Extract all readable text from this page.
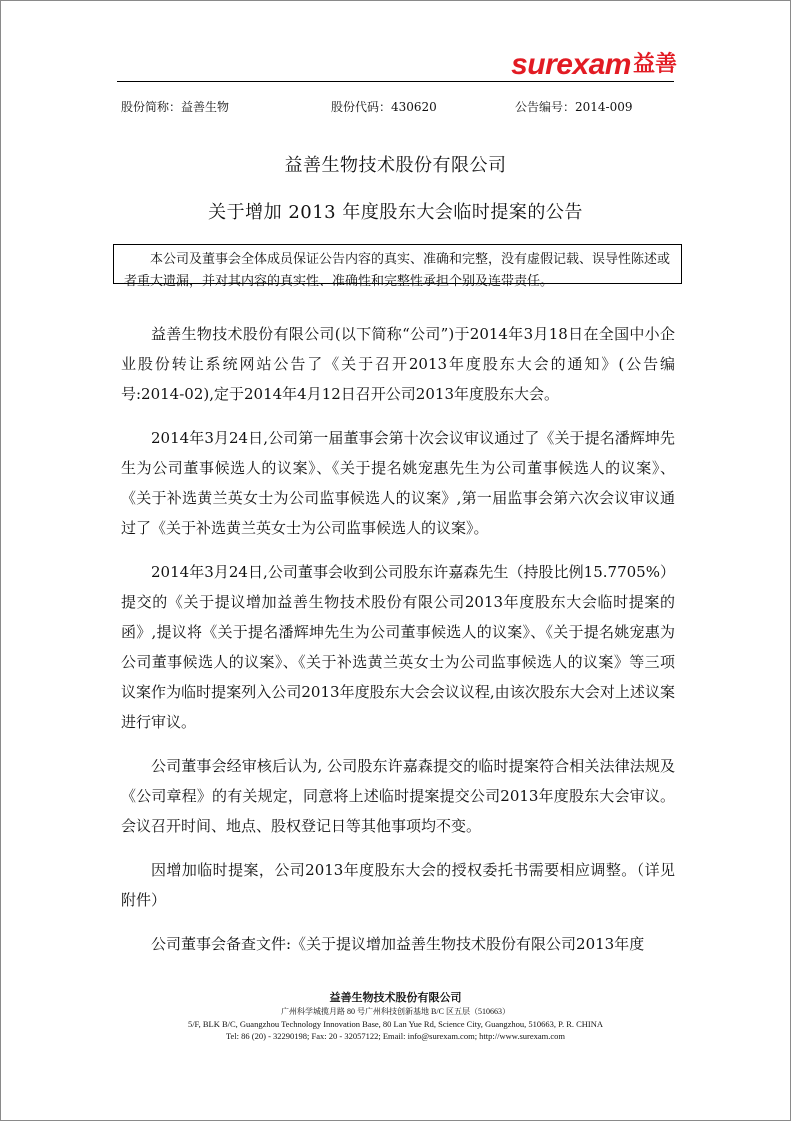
surexam 益善
股份简称：益善生物	股份代码：430620	公告编号：2014-009
益善生物技术股份有限公司
关于增加 2013 年度股东大会临时提案的公告
本公司及董事会全体成员保证公告内容的真实、准确和完整，没有虚假记载、误导性陈述或者重大遗漏，并对其内容的真实性、准确性和完整性承担个别及连带责任。

益善生物技术股份有限公司(以下简称“公司”)于2014年3月18日在全国中小企业股份转让系统网站公告了《关于召开2013年度股东大会的通知》(公告编号:2014-02),定于2014年4月12日召开公司2013年度股东大会。

2014年3月24日,公司第一届董事会第十次会议审议通过了《关于提名潘辉坤先生为公司董事候选人的议案》、《关于提名姚宠惠先生为公司董事候选人的议案》、《关于补选黄兰英女士为公司监事候选人的议案》,第一届监事会第六次会议审议通过了《关于补选黄兰英女士为公司监事候选人的议案》。

2014年3月24日,公司董事会收到公司股东许嘉森先生（持股比例15.7705%）提交的《关于提议增加益善生物技术股份有限公司2013年度股东大会临时提案的函》,提议将《关于提名潘辉坤先生为公司董事候选人的议案》、《关于提名姚宠惠为公司董事候选人的议案》、《关于补选黄兰英女士为公司监事候选人的议案》等三项议案作为临时提案列入公司2013年度股东大会会议议程,由该次股东大会对上述议案进行审议。

公司董事会经审核后认为, 公司股东许嘉森提交的临时提案符合相关法律法规及《公司章程》的有关规定，同意将上述临时提案提交公司2013年度股东大会审议。会议召开时间、地点、股权登记日等其他事项均不变。

因增加临时提案，公司2013年度股东大会的授权委托书需要相应调整。（详见附件）

公司董事会备查文件:《关于提议增加益善生物技术股份有限公司2013年度

益善生物技术股份有限公司
广州科学城揽月路 80 号广州科技创新基地 B/C 区五层（510663）
5/F, BLK B/C, Guangzhou Technology Innovation Base, 80 Lan Yue Rd, Science City, Guangzhou, 510663, P. R. CHINA
Tel: 86 (20) - 32290198; Fax: 20 - 32057122; Email: info@surexam.com; http://www.surexam.com
